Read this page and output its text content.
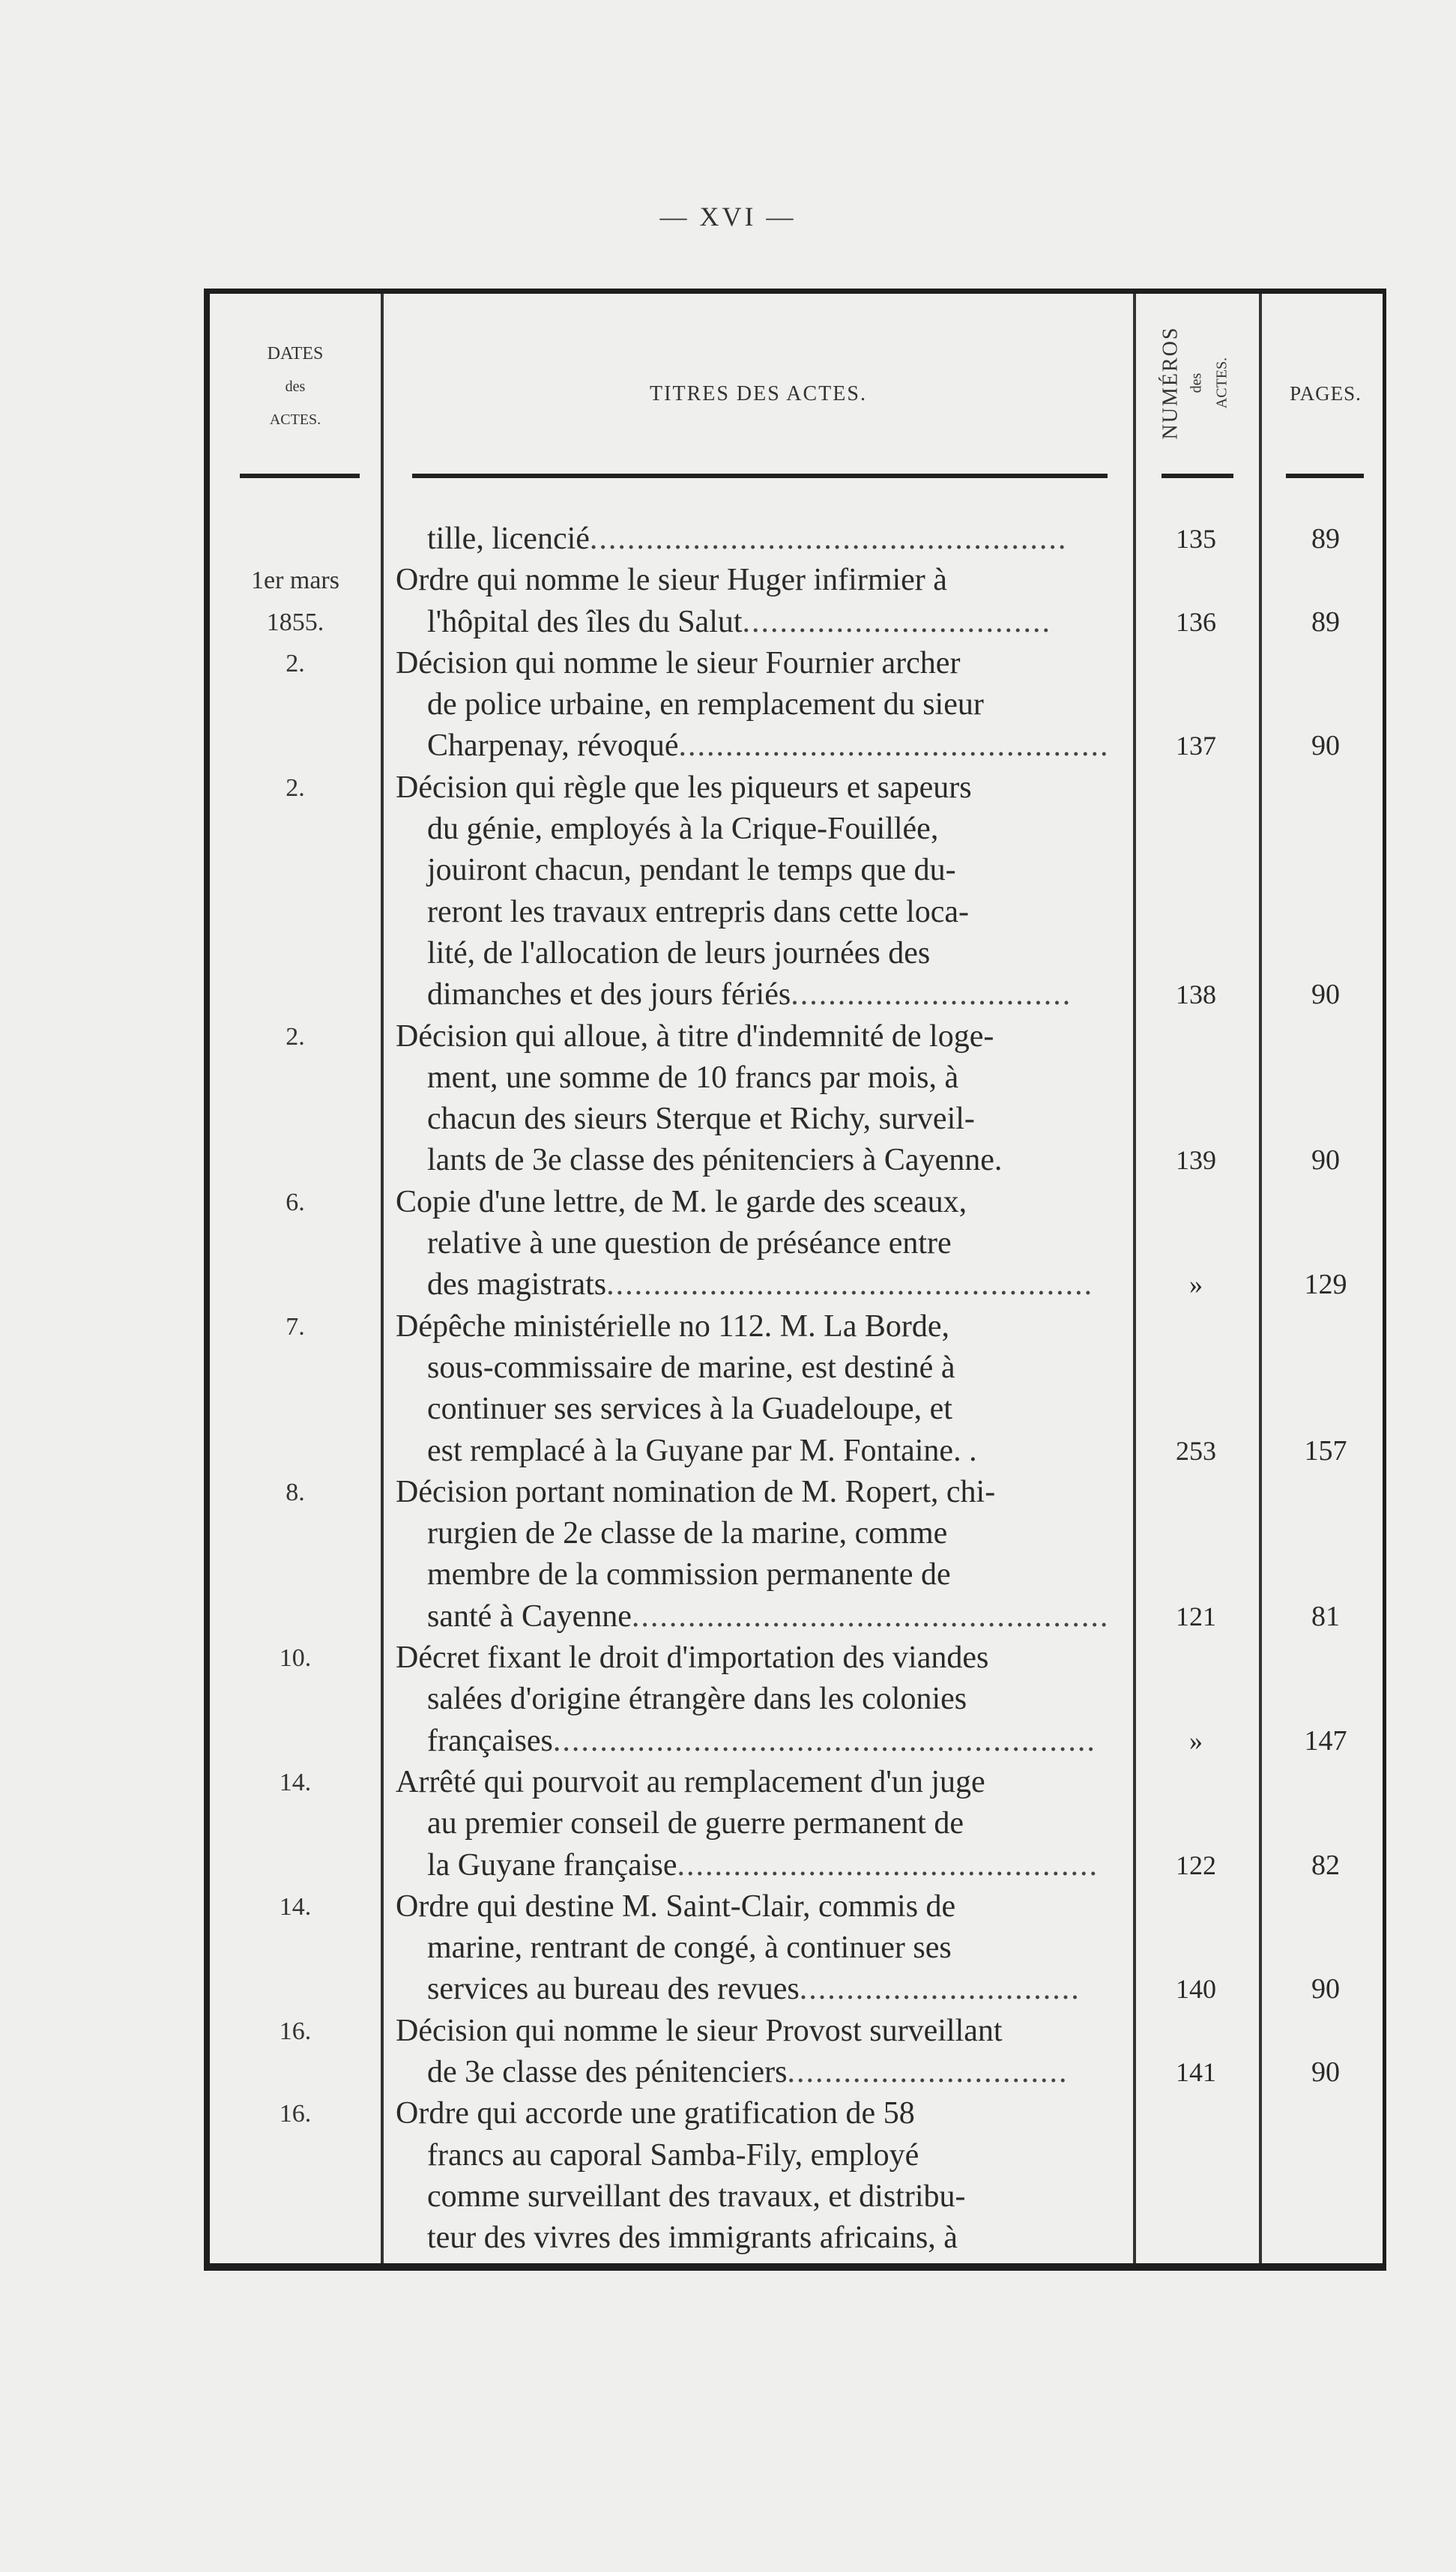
— XVI —
DATES
des
ACTES.
TITRES DES ACTES.	NUMÉROS des ACTES.	PAGES.
tille, licencié...................................................	135	89
1er mars	Ordre qui nomme le sieur Huger infirmier à
1855.	l'hôpital des îles du Salut.................................	136	89
2.	Décision qui nomme le sieur Fournier archer
de police urbaine, en remplacement du sieur
Charpenay, révoqué..............................................	137	90
2.	Décision qui règle que les piqueurs et sapeurs
du génie, employés à la Crique-Fouillée,
jouiront chacun, pendant le temps que du-
reront les travaux entrepris dans cette loca-
lité, de l'allocation de leurs journées des
dimanches et des jours fériés..............................	138	90
2.	Décision qui alloue, à titre d'indemnité de loge-
ment, une somme de 10 francs par mois, à
chacun des sieurs Sterque et Richy, surveil-
lants de 3e classe des pénitenciers à Cayenne.	139	90
6.	Copie d'une lettre, de M. le garde des sceaux,
relative à une question de préséance entre
des magistrats....................................................	»	129
7.	Dépêche ministérielle no 112. M. La Borde,
sous-commissaire de marine, est destiné à
continuer ses services à la Guadeloupe, et
est remplacé à la Guyane par M. Fontaine. .	253	157
8.	Décision portant nomination de M. Ropert, chi-
rurgien de 2e classe de la marine, comme
membre de la commission permanente de
santé à Cayenne...................................................	121	81
10.	Décret fixant le droit d'importation des viandes
salées d'origine étrangère dans les colonies
françaises..........................................................	»	147
14.	Arrêté qui pourvoit au remplacement d'un juge
au premier conseil de guerre permanent de
la Guyane française.............................................	122	82
14.	Ordre qui destine M. Saint-Clair, commis de
marine, rentrant de congé, à continuer ses
services au bureau des revues..............................	140	90
16.	Décision qui nomme le sieur Provost surveillant
de 3e classe des pénitenciers..............................	141	90
16.	Ordre qui accorde une gratification de 58
francs au caporal Samba-Fily, employé
comme surveillant des travaux, et distribu-
teur des vivres des immigrants africains, à
